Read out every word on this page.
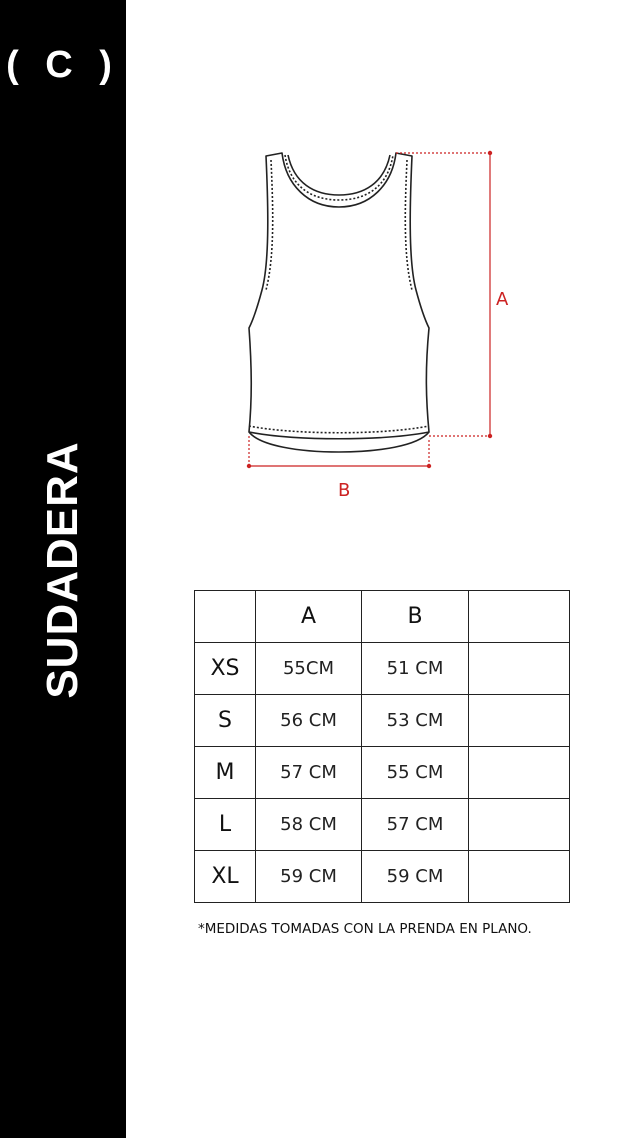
( C )
SUDADERA
A
B
	A	B	
XS	55CM	51 CM	
S	56 CM	53 CM	
M	57 CM	55 CM	
L	58 CM	57 CM	
XL	59 CM	59 CM	
*MEDIDAS TOMADAS CON LA PRENDA EN PLANO.
